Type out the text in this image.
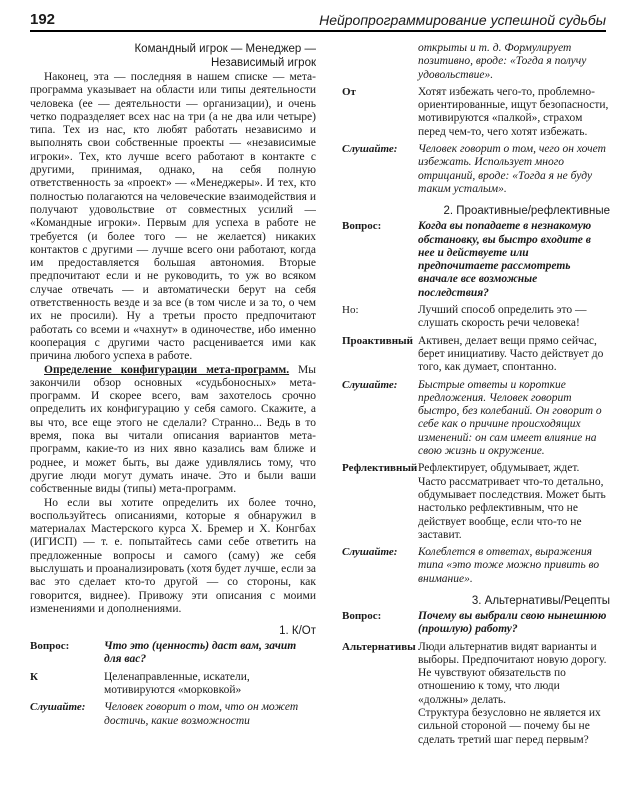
192	Нейропрограммирование успешной судьбы
Командный игрок — Менеджер —
Независимый игрок

Наконец, эта — последняя в нашем списке — мета-программа указывает на области или типы деятельности человека (ее — деятельности — организации), и очень четко подразделяет всех нас на три (а не два или четыре) типа. Тех из нас, кто любят работать независимо и выполнять свои собственные проекты — «независимые игроки». Тех, кто лучше всего работают в контакте с другими, принимая, однако, на себя полную ответственность за «проект» — «Менеджеры». И тех, кто полностью полагаются на человеческие взаимодействия и получают удовольствие от совместных усилий — «Командные игроки». Первым для успеха в работе не требуется (и более того — не желается) никаких контактов с другими — лучше всего они работают, когда им предоставляется большая автономия. Вторые предпочитают если и не руководить, то уж во всяком случае отвечать — и автоматически берут на себя ответственность везде и за все (в том числе и за то, о чем их не просили). Ну а третьи просто предпочитают работать со всеми и «чахнут» в одиночестве, ибо именно кооперация с другими часто расценивается ими как причина любого успеха в работе.

Определение конфигурации мета-программ. Мы закончили обзор основных «судьбоносных» мета-программ. И скорее всего, вам захотелось срочно определить их конфигурацию у себя самого. Скажите, а вы что, все еще этого не сделали? Странно... Ведь в то время, пока вы читали описания вариантов мета-программ, какие-то из них явно казались вам ближе и роднее, и может быть, вы даже удивлялись тому, что другие люди могут думать иначе. Это и были ваши собственные виды (типы) мета-программ.

Но если вы хотите определить их более точно, воспользуйтесь описаниями, которые я обнаружил в материалах Мастерского курса Х. Бремер и Х. Конгбах (ИГИСП) — т. е. попытайтесь сами себе ответить на предложенные вопросы и самого (саму) же себя выслушать и проанализировать (хотя будет лучше, если за вас это сделает кто-то другой — со стороны, как говорится, виднее). Привожу эти описания с моими изменениями и дополнениями.

1. К/От
Вопрос:	Что это (ценность) даст вам, зачит для вас?
К	Целенаправленные, искатели, мотивируются «морковкой»
Слушайте:	Человек говорит о том, что он может достичь, какие возможности
открыты и т. д. Формулирует позитивно, вроде: «Тогда я получу удовольствие».
От	Хотят избежать чего-то, проблемно-ориентированные, ищут безопасности, мотивируются «палкой», страхом перед чем-то, чего хотят избежать.
Слушайте:	Человек говорит о том, чего он хочет избежать. Использует много отрицаний, вроде: «Тогда я не буду таким усталым».
2. Проактивные/рефлективные
Вопрос:	Когда вы попадаете в незнакомую обстановку, вы быстро входите в нее и действуете или предпочитаете рассмотреть вначале все возможные последствия?
Но:	Лучший способ определить это — слушать скорость речи человека!
Проактивный Активен, делает вещи прямо сейчас, берет инициативу. Часто действует до того, как думает, спонтанно.
Слушайте:	Быстрые ответы и короткие предложения. Человек говорит быстро, без колебаний. Он говорит о себе как о причине происходящих изменений: он сам имеет влияние на свою жизнь и окружение.
Рефлективный Рефлектирует, обдумывает, ждет. Часто рассматривает что-то детально, обдумывает последствия. Может быть настолько рефлективным, что не действует вообще, если что-то не заставит.
Слушайте:	Колеблется в ответах, выражения типа «это тоже можно привить во внимание».
3. Альтернативы/Рецепты
Вопрос:	Почему вы выбрали свою нынешнюю (прошлую) работу?
Альтернативы Люди альтернатив видят варианты и выборы. Предпочитают новую дорогу. Не чувствуют обязательств по отношению к тому, что люди «должны» делать.
Структура безусловно не является их сильной стороной — почему бы не сделать третий шаг перед первым?
